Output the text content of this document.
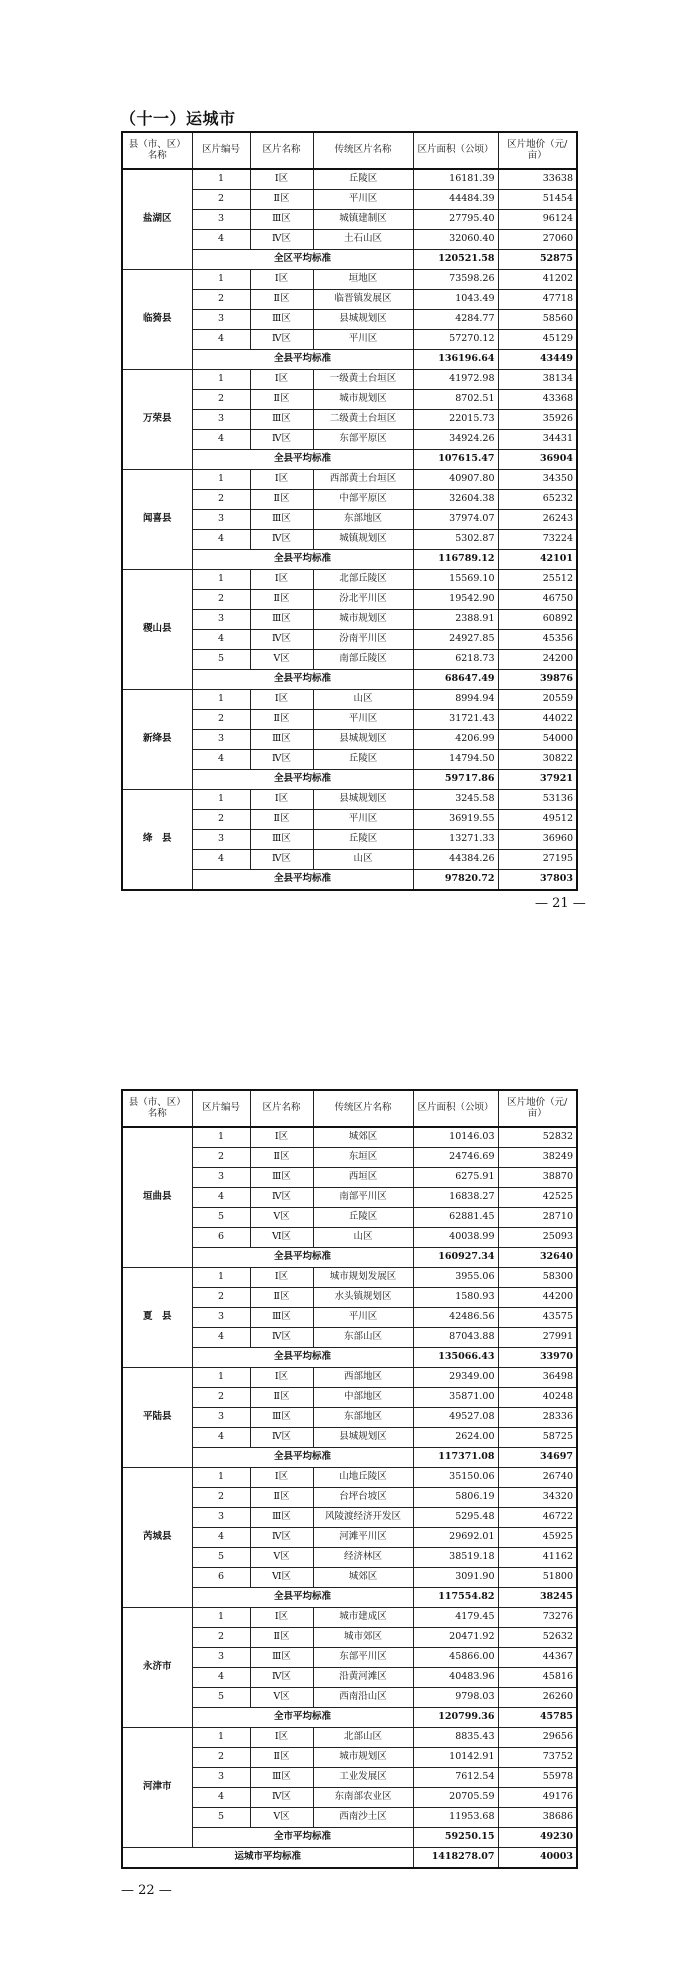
（十一）运城市
县（市、区）名称	区片编号	区片名称	传统区片名称	区片面积（公顷）	区片地价（元/亩）
盐湖区	1	Ⅰ区	丘陵区	16181.39	33638
	2	Ⅱ区	平川区	44484.39	51454
	3	Ⅲ区	城镇建制区	27795.40	96124
	4	Ⅳ区	土石山区	32060.40	27060
	全区平均标准			120521.58	52875
临猗县	1	Ⅰ区	垣地区	73598.26	41202
	2	Ⅱ区	临晋镇发展区	1043.49	47718
	3	Ⅲ区	县城规划区	4284.77	58560
	4	Ⅳ区	平川区	57270.12	45129
	全县平均标准			136196.64	43449
万荣县	1	Ⅰ区	一级黄土台垣区	41972.98	38134
	2	Ⅱ区	城市规划区	8702.51	43368
	3	Ⅲ区	二级黄土台垣区	22015.73	35926
	4	Ⅳ区	东部平原区	34924.26	34431
	全县平均标准			107615.47	36904
闻喜县	1	Ⅰ区	西部黄土台垣区	40907.80	34350
	2	Ⅱ区	中部平原区	32604.38	65232
	3	Ⅲ区	东部地区	37974.07	26243
	4	Ⅳ区	城镇规划区	5302.87	73224
	全县平均标准			116789.12	42101
稷山县	1	Ⅰ区	北部丘陵区	15569.10	25512
	2	Ⅱ区	汾北平川区	19542.90	46750
	3	Ⅲ区	城市规划区	2388.91	60892
	4	Ⅳ区	汾南平川区	24927.85	45356
	5	Ⅴ区	南部丘陵区	6218.73	24200
	全县平均标准			68647.49	39876
新绛县	1	Ⅰ区	山区	8994.94	20559
	2	Ⅱ区	平川区	31721.43	44022
	3	Ⅲ区	县城规划区	4206.99	54000
	4	Ⅳ区	丘陵区	14794.50	30822
	全县平均标准			59717.86	37921
绛　县	1	Ⅰ区	县城规划区	3245.58	53136
	2	Ⅱ区	平川区	36919.55	49512
	3	Ⅲ区	丘陵区	13271.33	36960
	4	Ⅳ区	山区	44384.26	27195
	全县平均标准			97820.72	37803
— 21 —
县（市、区）名称	区片编号	区片名称	传统区片名称	区片面积（公顷）	区片地价（元/亩）
垣曲县	1	Ⅰ区	城郊区	10146.03	52832
	2	Ⅱ区	东垣区	24746.69	38249
	3	Ⅲ区	西垣区	6275.91	38870
	4	Ⅳ区	南部平川区	16838.27	42525
	5	Ⅴ区	丘陵区	62881.45	28710
	6	Ⅵ区	山区	40038.99	25093
	全县平均标准			160927.34	32640
夏　县	1	Ⅰ区	城市规划发展区	3955.06	58300
	2	Ⅱ区	水头镇规划区	1580.93	44200
	3	Ⅲ区	平川区	42486.56	43575
	4	Ⅳ区	东部山区	87043.88	27991
	全县平均标准			135066.43	33970
平陆县	1	Ⅰ区	西部地区	29349.00	36498
	2	Ⅱ区	中部地区	35871.00	40248
	3	Ⅲ区	东部地区	49527.08	28336
	4	Ⅳ区	县城规划区	2624.00	58725
	全县平均标准			117371.08	34697
芮城县	1	Ⅰ区	山地丘陵区	35150.06	26740
	2	Ⅱ区	台坪台坡区	5806.19	34320
	3	Ⅲ区	风陵渡经济开发区	5295.48	46722
	4	Ⅳ区	河滩平川区	29692.01	45925
	5	Ⅴ区	经济林区	38519.18	41162
	6	Ⅵ区	城郊区	3091.90	51800
	全县平均标准			117554.82	38245
永济市	1	Ⅰ区	城市建成区	4179.45	73276
	2	Ⅱ区	城市郊区	20471.92	52632
	3	Ⅲ区	东部平川区	45866.00	44367
	4	Ⅳ区	沿黄河滩区	40483.96	45816
	5	Ⅴ区	西南沿山区	9798.03	26260
	全市平均标准			120799.36	45785
河津市	1	Ⅰ区	北部山区	8835.43	29656
	2	Ⅱ区	城市规划区	10142.91	73752
	3	Ⅲ区	工业发展区	7612.54	55978
	4	Ⅳ区	东南部农业区	20705.59	49176
	5	Ⅴ区	西南沙土区	11953.68	38686
	全市平均标准			59250.15	49230
运城市平均标准				1418278.07	40003
— 22 —
